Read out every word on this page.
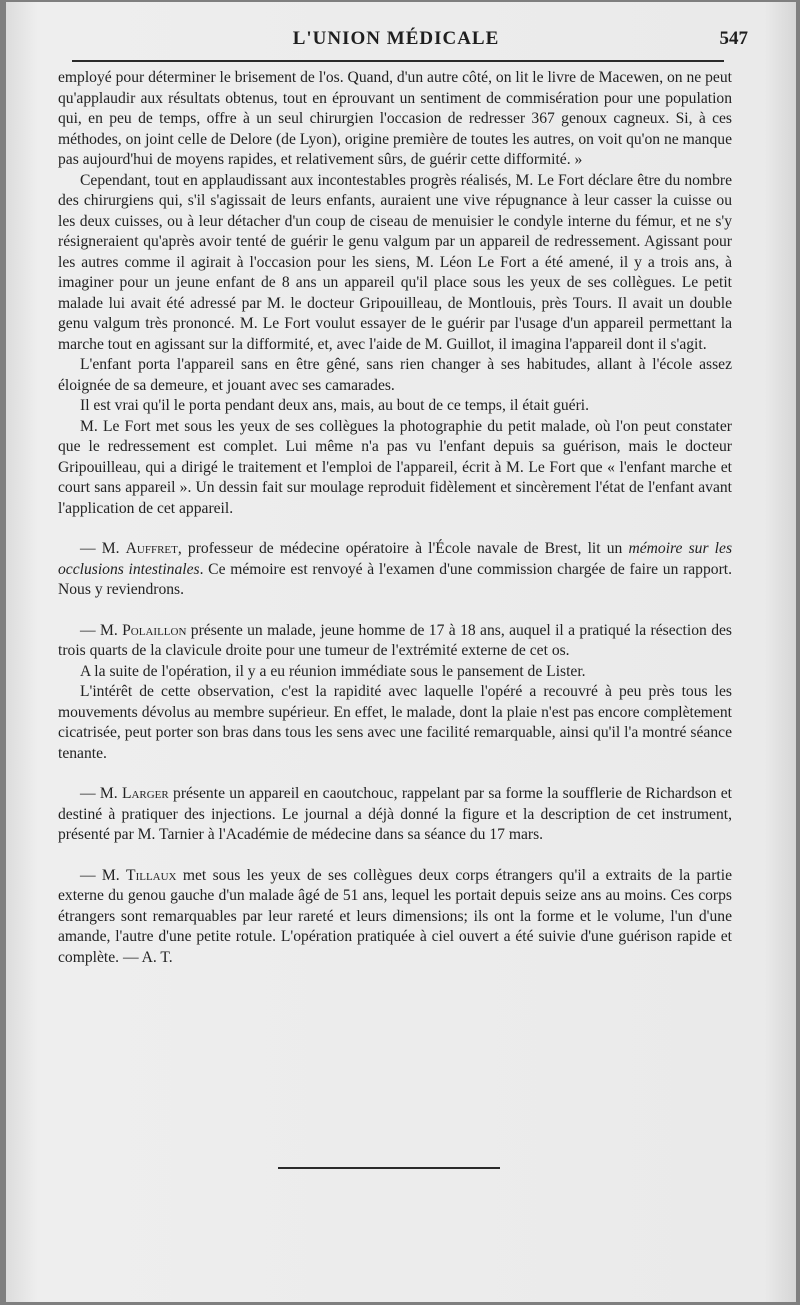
L'UNION MÉDICALE	547

employé pour déterminer le brisement de l'os. Quand, d'un autre côté, on lit le livre de Macewen, on ne peut qu'applaudir aux résultats obtenus, tout en éprouvant un sentiment de commisération pour une population qui, en peu de temps, offre à un seul chirurgien l'occasion de redresser 367 genoux cagneux. Si, à ces méthodes, on joint celle de Delore (de Lyon), origine première de toutes les autres, on voit qu'on ne manque pas aujourd'hui de moyens rapides, et relativement sûrs, de guérir cette difformité. »

Cependant, tout en applaudissant aux incontestables progrès réalisés, M. Le Fort déclare être du nombre des chirurgiens qui, s'il s'agissait de leurs enfants, auraient une vive répugnance à leur casser la cuisse ou les deux cuisses, ou à leur détacher d'un coup de ciseau de menuisier le condyle interne du fémur, et ne s'y résigneraient qu'après avoir tenté de guérir le genu valgum par un appareil de redressement. Agissant pour les autres comme il agirait à l'occasion pour les siens, M. Léon Le Fort a été amené, il y a trois ans, à imaginer pour un jeune enfant de 8 ans un appareil qu'il place sous les yeux de ses collègues. Le petit malade lui avait été adressé par M. le docteur Gripouilleau, de Montlouis, près Tours. Il avait un double genu valgum très prononcé. M. Le Fort voulut essayer de le guérir par l'usage d'un appareil permettant la marche tout en agissant sur la difformité, et, avec l'aide de M. Guillot, il imagina l'appareil dont il s'agit.

L'enfant porta l'appareil sans en être gêné, sans rien changer à ses habitudes, allant à l'école assez éloignée de sa demeure, et jouant avec ses camarades.

Il est vrai qu'il le porta pendant deux ans, mais, au bout de ce temps, il était guéri.

M. Le Fort met sous les yeux de ses collègues la photographie du petit malade, où l'on peut constater que le redressement est complet. Lui même n'a pas vu l'enfant depuis sa guérison, mais le docteur Gripouilleau, qui a dirigé le traitement et l'emploi de l'appareil, écrit à M. Le Fort que « l'enfant marche et court sans appareil ». Un dessin fait sur moulage reproduit fidèlement et sincèrement l'état de l'enfant avant l'application de cet appareil.

— M. Auffret, professeur de médecine opératoire à l'École navale de Brest, lit un mémoire sur les occlusions intestinales. Ce mémoire est renvoyé à l'examen d'une commission chargée de faire un rapport. Nous y reviendrons.

— M. Polaillon présente un malade, jeune homme de 17 à 18 ans, auquel il a pratiqué la résection des trois quarts de la clavicule droite pour une tumeur de l'extrémité externe de cet os.

A la suite de l'opération, il y a eu réunion immédiate sous le pansement de Lister.

L'intérêt de cette observation, c'est la rapidité avec laquelle l'opéré a recouvré à peu près tous les mouvements dévolus au membre supérieur. En effet, le malade, dont la plaie n'est pas encore complètement cicatrisée, peut porter son bras dans tous les sens avec une facilité remarquable, ainsi qu'il l'a montré séance tenante.

— M. Larger présente un appareil en caoutchouc, rappelant par sa forme la soufflerie de Richardson et destiné à pratiquer des injections. Le journal a déjà donné la figure et la description de cet instrument, présenté par M. Tarnier à l'Académie de médecine dans sa séance du 17 mars.

— M. Tillaux met sous les yeux de ses collègues deux corps étrangers qu'il a extraits de la partie externe du genou gauche d'un malade âgé de 51 ans, lequel les portait depuis seize ans au moins. Ces corps étrangers sont remarquables par leur rareté et leurs dimensions; ils ont la forme et le volume, l'un d'une amande, l'autre d'une petite rotule. L'opération pratiquée à ciel ouvert a été suivie d'une guérison rapide et complète. — A. T.
